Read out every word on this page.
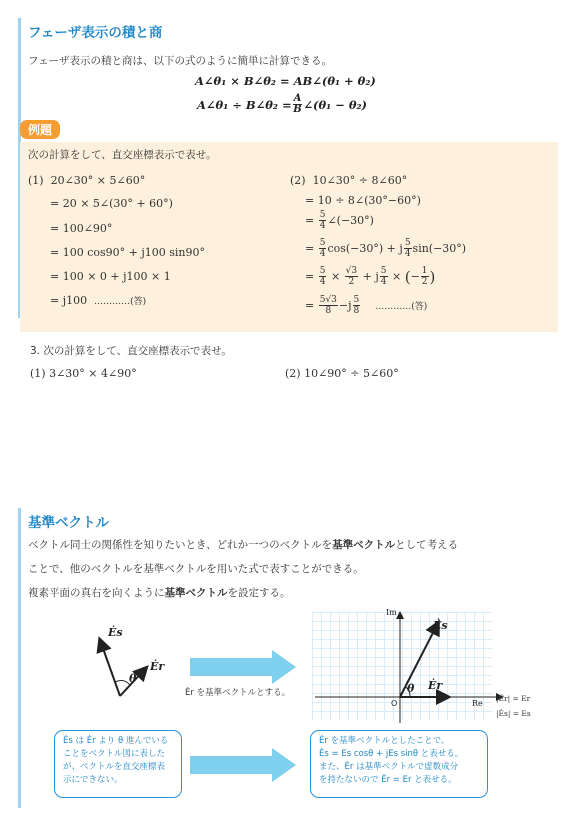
フェーザ表示の積と商
フェーザ表示の積と商は、以下の式のように簡単に計算できる。
A∠θ₁ × B∠θ₂ = AB∠(θ₁ + θ₂)
A∠θ₁ ÷ B∠θ₂ = $\frac{A}{B}$ ∠(θ₁ − θ₂)
例題
次の計算をして、直交座標表示で表せ。
(1) 20∠30° × 5∠60°
= 20 × 5∠(30° + 60°)
= 100∠90°
= 100 cos90° + j100 sin90°
= 100 × 0 + j100 × 1
= j100 …………(答)
(2) 10∠30° ÷ 8∠60°
= 10 ÷ 8∠(30°−60°)
= $\frac{5}{4}$ ∠(−30°)
= $\frac{5}{4} \cos(-30^\circ) + j \frac{5}{4} \sin(-30^\circ)$
= $\frac{5}{4} \times \frac{√3}{2} + j \frac{5}{4}$ × ( − $\frac{1}{2}$ )
= $\frac{5√3}{8} -j \frac{5}{8}$
…………(答)
3. 次の計算をして、直交座標表示で表せ。
(1) 3∠30° × 4∠90°	(2) 10∠90° ÷ 5∠60°
基準ベクトル
ベクトル同士の関係性を知りたいとき、どれか一つのベクトルを基準ベクトルとして考える
ことで、他のベクトルを基準ベクトルを用いた式で表すことができる。
複素平面の真右を向くように基準ベクトルを設定する。
Ės
Ėr
θ
Ėr を基準ベクトルとする。
Im
Re
O
Ės
Ėr
θ
|Ėr| = Er
|Ės| = Es
Ės は Ėr より θ 進んでいる
ことをベクトル図に表した
が、ベクトルを直交座標表
示にできない。
Ėr を基準ベクトルとしたことで、
Ės = Es cosθ + jEs sinθ と表せる。
また、Ėr は基準ベクトルで虚数成分
を持たないので Ėr = Er と表せる。
